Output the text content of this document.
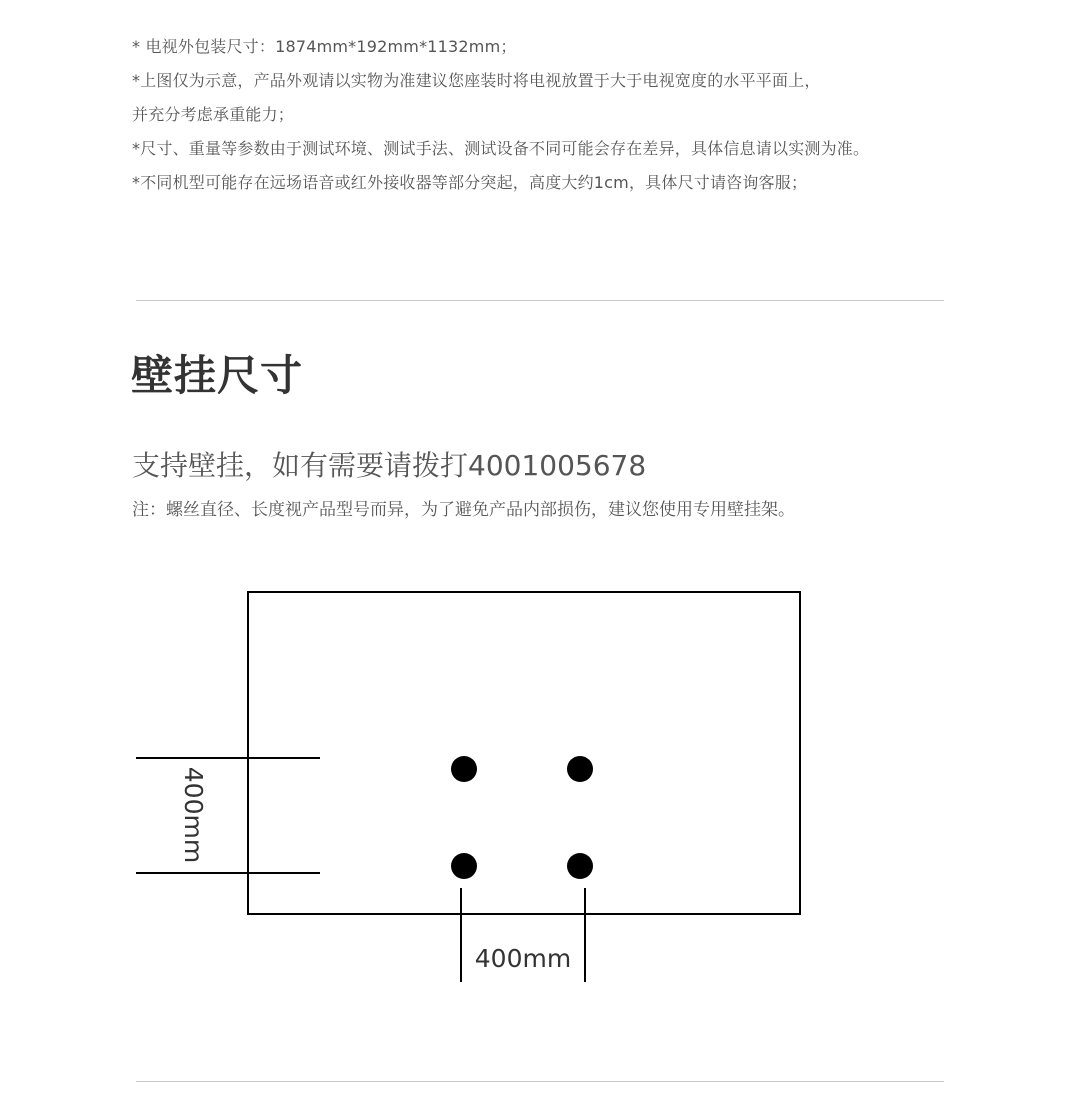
* 电视外包装尺寸：1874mm*192mm*1132mm；
*上图仅为示意，产品外观请以实物为准建议您座装时将电视放置于大于电视宽度的水平平面上，
并充分考虑承重能力；
*尺寸、重量等参数由于测试环境、测试手法、测试设备不同可能会存在差异，具体信息请以实测为准。
*不同机型可能存在远场语音或红外接收器等部分突起，高度大约1cm，具体尺寸请咨询客服；
壁挂尺寸

支持壁挂，如有需要请拨打4001005678

注：螺丝直径、长度视产品型号而异，为了避免产品内部损伤，建议您使用专用壁挂架。

400mm
400mm
